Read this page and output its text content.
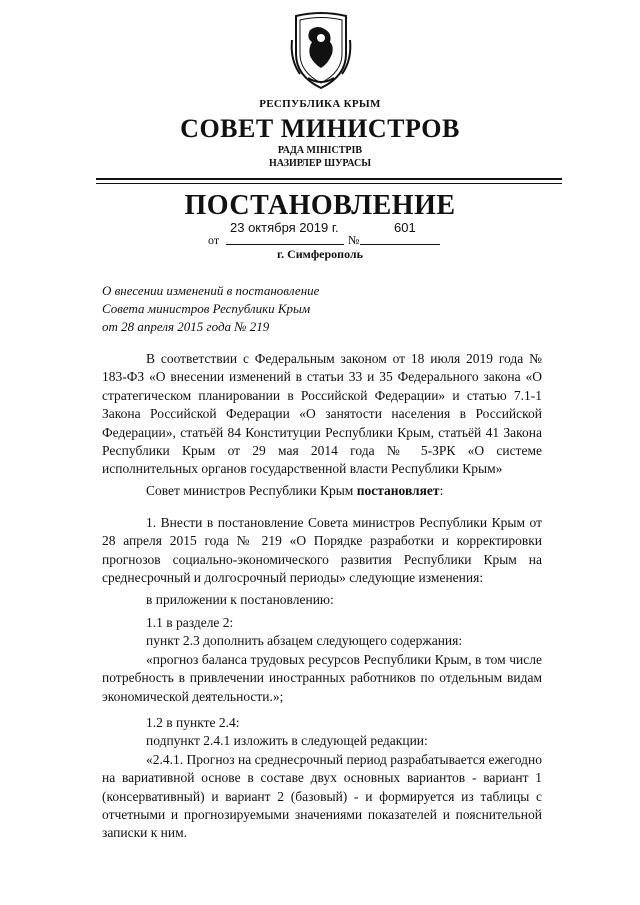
РЕСПУБЛИКА КРЫМ
СОВЕТ МИНИСТРОВ
РАДА МІНІСТРІВ
НАЗИРЛЕР ШУРАСЫ
ПОСТАНОВЛЕНИЕ
от
23 октября 2019 г.
№
601
г. Симферополь
О внесении изменений в постановление
Совета министров Республики Крым
от 28 апреля 2015 года № 219

В соответствии с Федеральным законом от 18 июля 2019 года № 183-ФЗ «О внесении изменений в статьи 33 и 35 Федерального закона «О стратегическом планировании в Российской Федерации» и статью 7.1-1 Закона Российской Федерации «О занятости населения в Российской Федерации», статьёй 84 Конституции Республики Крым, статьёй 41 Закона Республики Крым от 29 мая 2014 года № 5-ЗРК «О системе исполнительных органов государственной власти Республики Крым»

Совет министров Республики Крым постановляет:

1. Внести в постановление Совета министров Республики Крым от 28 апреля 2015 года № 219 «О Порядке разработки и корректировки прогнозов социально-экономического развития Республики Крым на среднесрочный и долгосрочный периоды» следующие изменения:

в приложении к постановлению:

1.1 в разделе 2:

пункт 2.3 дополнить абзацем следующего содержания:

«прогноз баланса трудовых ресурсов Республики Крым, в том числе потребность в привлечении иностранных работников по отдельным видам экономической деятельности.»;

1.2 в пункте 2.4:

подпункт 2.4.1 изложить в следующей редакции:

«2.4.1. Прогноз на среднесрочный период разрабатывается ежегодно на вариативной основе в составе двух основных вариантов - вариант 1 (консервативный) и вариант 2 (базовый) - и формируется из таблицы с отчетными и прогнозируемыми значениями показателей и пояснительной записки к ним.
